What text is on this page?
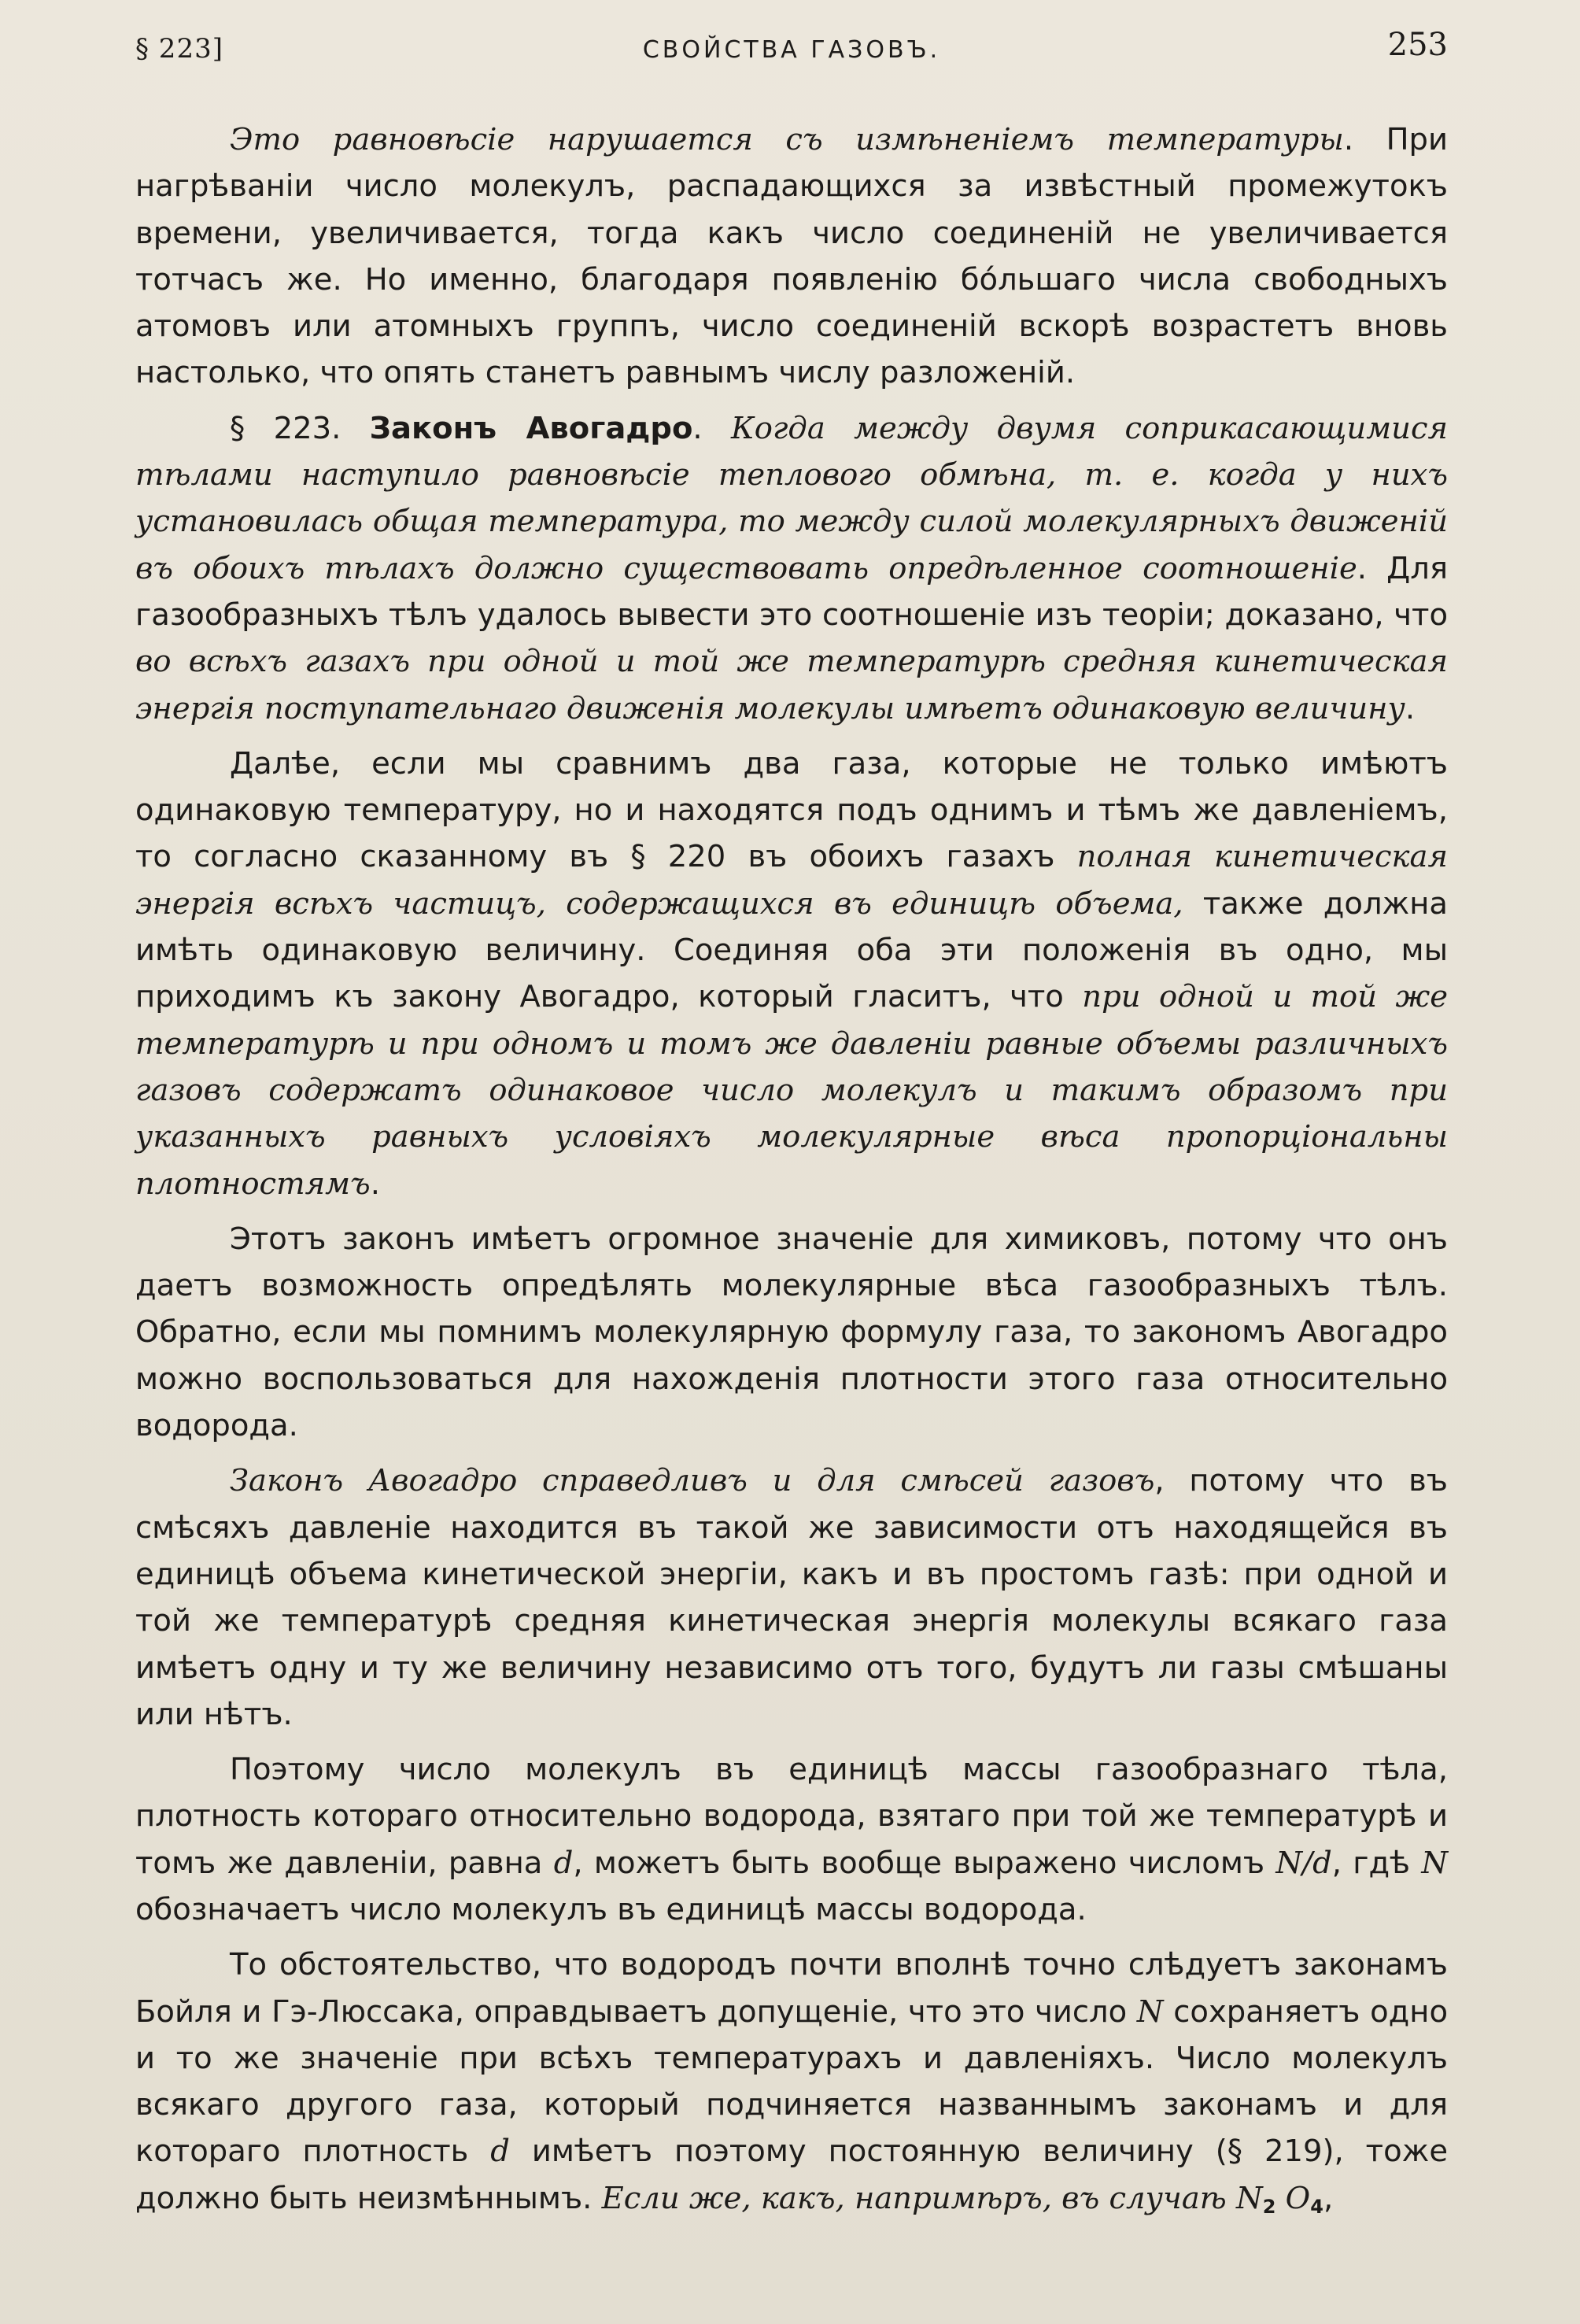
§ 223]	СВОЙСТВА ГАЗОВЪ.	253

Это равновѣсіе нарушается съ измѣненіемъ температуры. При нагрѣваніи число молекулъ, распадающихся за извѣстный промежутокъ времени, увеличивается, тогда какъ число соединеній не увеличивается тотчасъ же. Но именно, благодаря появленію бо́льшаго числа свободныхъ атомовъ или атомныхъ группъ, число соединеній вскорѣ возрастетъ вновь настолько, что опять станетъ равнымъ числу разложеній.

§ 223. Законъ Авогадро. Когда между двумя соприкасающимися тѣлами наступило равновѣсіе теплового обмѣна, т. е. когда у нихъ установилась общая температура, то между силой молекулярныхъ движеній въ обоихъ тѣлахъ должно существовать опредѣленное соотношеніе. Для газообразныхъ тѣлъ удалось вывести это соотношеніе изъ теоріи; доказано, что во всѣхъ газахъ при одной и той же температурѣ средняя кинетическая энергія поступательнаго движенія молекулы имѣетъ одинаковую величину.

Далѣе, если мы сравнимъ два газа, которые не только имѣютъ одинаковую температуру, но и находятся подъ однимъ и тѣмъ же давленіемъ, то согласно сказанному въ § 220 въ обоихъ газахъ полная кинетическая энергія всѣхъ частицъ, содержащихся въ единицѣ объема, также должна имѣть одинаковую величину. Соединяя оба эти положенія въ одно, мы приходимъ къ закону Авогадро, который гласитъ, что при одной и той же температурѣ и при одномъ и томъ же давленіи равные объемы различныхъ газовъ содержатъ одинаковое число молекулъ и такимъ образомъ при указанныхъ равныхъ условіяхъ молекулярные вѣса пропорціональны плотностямъ.

Этотъ законъ имѣетъ огромное значеніе для химиковъ, потому что онъ даетъ возможность опредѣлять молекулярные вѣса газообразныхъ тѣлъ. Обратно, если мы помнимъ молекулярную формулу газа, то закономъ Авогадро можно воспользоваться для нахожденія плотности этого газа относительно водорода.

Законъ Авогадро справедливъ и для смѣсей газовъ, потому что въ смѣсяхъ давленіе находится въ такой же зависимости отъ находящейся въ единицѣ объема кинетической энергіи, какъ и въ простомъ газѣ: при одной и той же температурѣ средняя кинетическая энергія молекулы всякаго газа имѣетъ одну и ту же величину независимо отъ того, будутъ ли газы смѣшаны или нѣтъ.

Поэтому число молекулъ въ единицѣ массы газообразнаго тѣла, плотность котораго относительно водорода, взятаго при той же температурѣ и томъ же давленіи, равна d, можетъ быть вообще выражено числомъ N/d, гдѣ N обозначаетъ число молекулъ въ единицѣ массы водорода.

То обстоятельство, что водородъ почти вполнѣ точно слѣдуетъ законамъ Бойля и Гэ-Люссака, оправдываетъ допущеніе, что это число N сохраняетъ одно и то же значеніе при всѣхъ температурахъ и давленіяхъ. Число молекулъ всякаго другого газа, который подчиняется названнымъ законамъ и для котораго плотность d имѣетъ поэтому постоянную величину (§ 219), тоже должно быть неизмѣннымъ. Если же, какъ, напримѣръ, въ случаѣ $N_2$ $O_4$,
